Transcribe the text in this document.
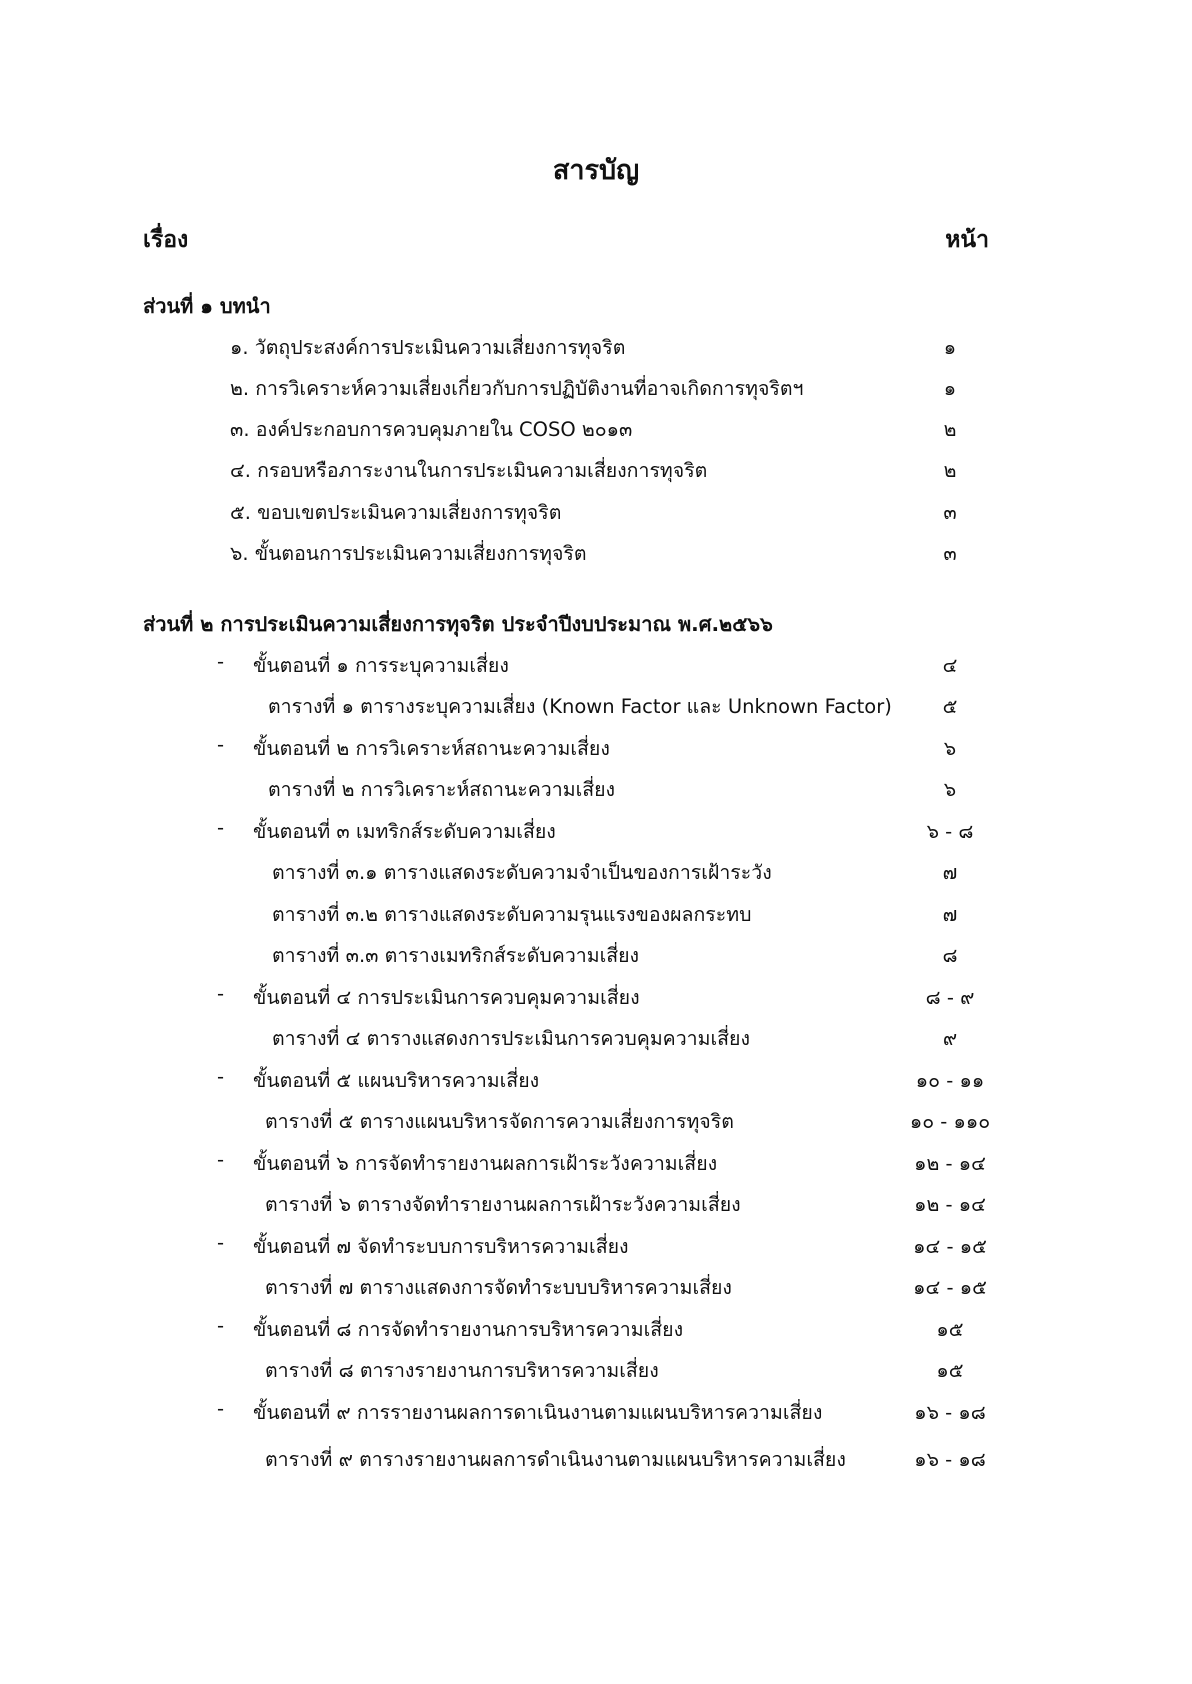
สารบัญ
เรื่อง	หน้า
ส่วนที่ ๑ บทนำ
๑. วัตถุประสงค์การประเมินความเสี่ยงการทุจริต	๑
๒. การวิเคราะห์ความเสี่ยงเกี่ยวกับการปฏิบัติงานที่อาจเกิดการทุจริตฯ	๑
๓. องค์ประกอบการควบคุมภายใน COSO ๒๐๑๓	๒
๔. กรอบหรือภาระงานในการประเมินความเสี่ยงการทุจริต	๒
๕. ขอบเขตประเมินความเสี่ยงการทุจริต	๓
๖. ขั้นตอนการประเมินความเสี่ยงการทุจริต	๓
ส่วนที่ ๒ การประเมินความเสี่ยงการทุจริต ประจำปีงบประมาณ พ.ศ.๒๕๖๖
- ขั้นตอนที่ ๑ การระบุความเสี่ยง	๔
ตารางที่ ๑ ตารางระบุความเสี่ยง (Known Factor และ Unknown Factor)	๕
- ขั้นตอนที่ ๒ การวิเคราะห์สถานะความเสี่ยง	๖
ตารางที่ ๒ การวิเคราะห์สถานะความเสี่ยง	๖
- ขั้นตอนที่ ๓ เมทริกส์ระดับความเสี่ยง	๖ - ๘
ตารางที่ ๓.๑ ตารางแสดงระดับความจำเป็นของการเฝ้าระวัง	๗
ตารางที่ ๓.๒ ตารางแสดงระดับความรุนแรงของผลกระทบ	๗
ตารางที่ ๓.๓ ตารางเมทริกส์ระดับความเสี่ยง	๘
- ขั้นตอนที่ ๔ การประเมินการควบคุมความเสี่ยง	๘ - ๙
ตารางที่ ๔ ตารางแสดงการประเมินการควบคุมความเสี่ยง	๙
- ขั้นตอนที่ ๕ แผนบริหารความเสี่ยง	๑๐ - ๑๑
ตารางที่ ๕ ตารางแผนบริหารจัดการความเสี่ยงการทุจริต	๑๐ - ๑๑๐
- ขั้นตอนที่ ๖ การจัดทำรายงานผลการเฝ้าระวังความเสี่ยง	๑๒ - ๑๔
ตารางที่ ๖ ตารางจัดทำรายงานผลการเฝ้าระวังความเสี่ยง	๑๒ - ๑๔
- ขั้นตอนที่ ๗ จัดทำระบบการบริหารความเสี่ยง	๑๔ - ๑๕
ตารางที่ ๗ ตารางแสดงการจัดทำระบบบริหารความเสี่ยง	๑๔ - ๑๕
- ขั้นตอนที่ ๘ การจัดทำรายงานการบริหารความเสี่ยง	๑๕
ตารางที่ ๘ ตารางรายงานการบริหารความเสี่ยง	๑๕
- ขั้นตอนที่ ๙ การรายงานผลการดาเนินงานตามแผนบริหารความเสี่ยง	๑๖ - ๑๘
ตารางที่ ๙ ตารางรายงานผลการดำเนินงานตามแผนบริหารความเสี่ยง	๑๖ - ๑๘
